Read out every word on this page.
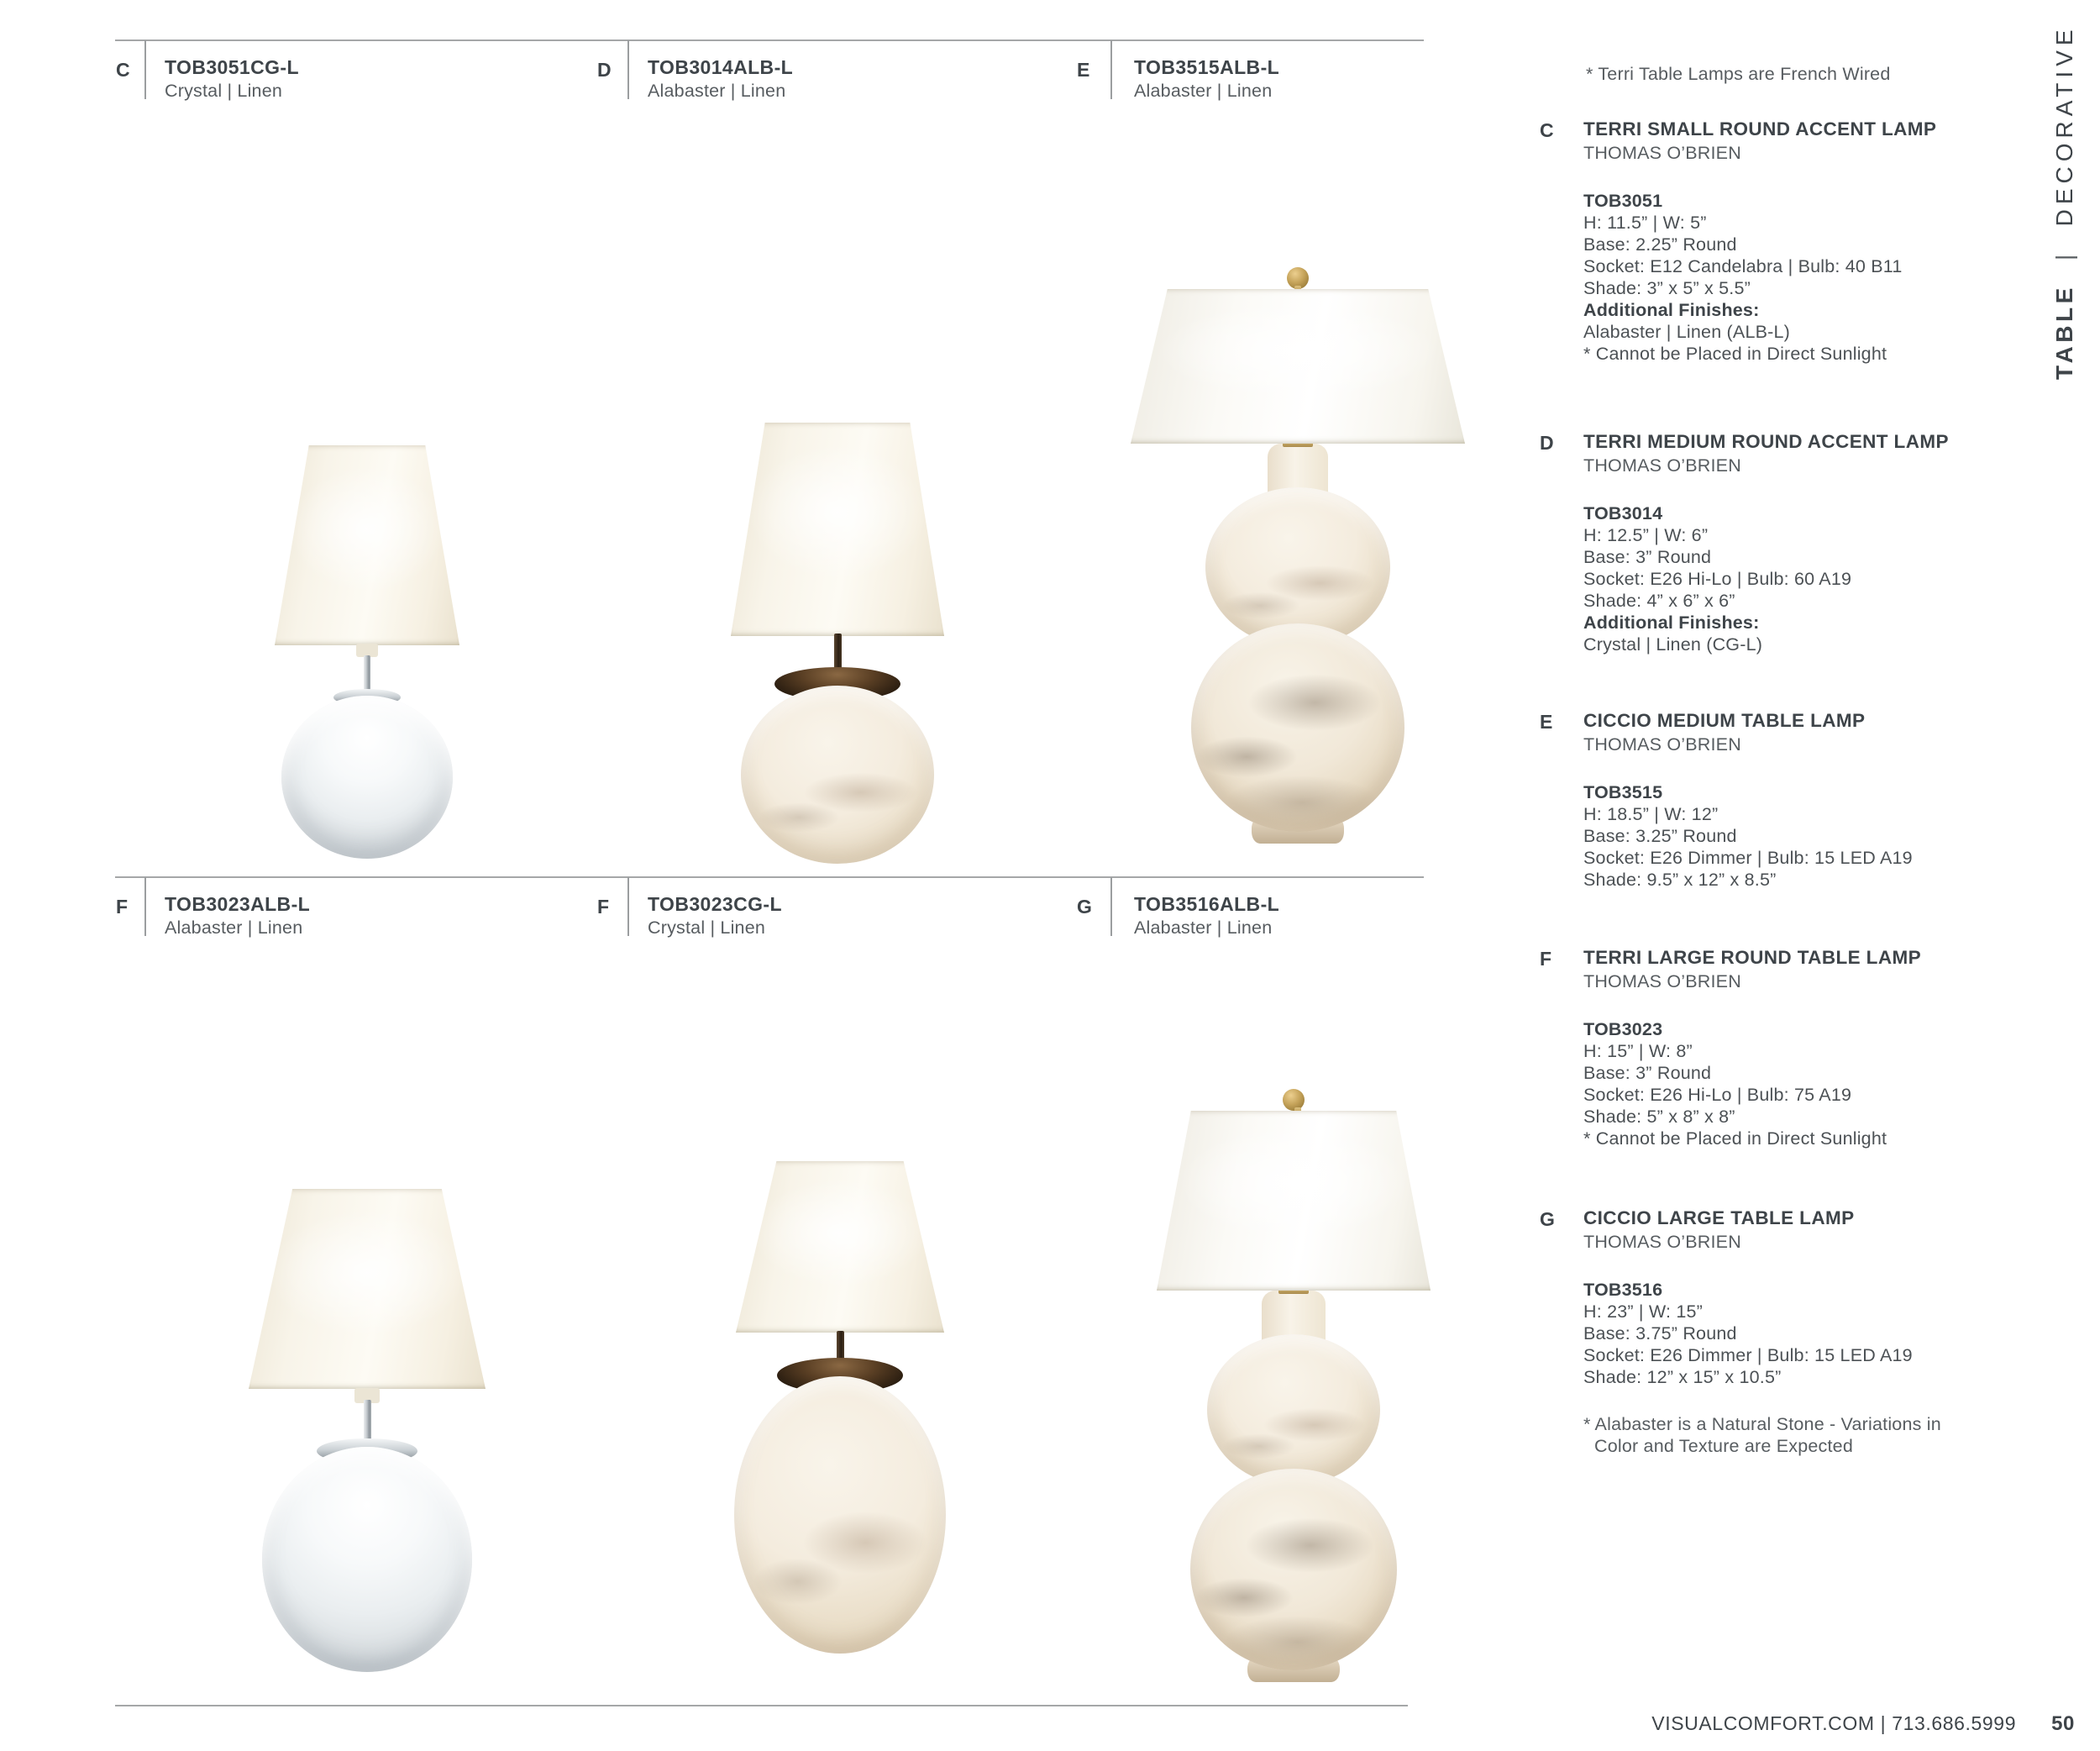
C TOB3051CG-L
Crystal | Linen
D TOB3014ALB-L
Alabaster | Linen
E TOB3515ALB-L
Alabaster | Linen
F TOB3023ALB-L
Alabaster | Linen
F TOB3023CG-L
Crystal | Linen
G TOB3516ALB-L
Alabaster | Linen
* Terri Table Lamps are French Wired
C TERRI SMALL ROUND ACCENT LAMP
THOMAS O’BRIEN
TOB3051
H: 11.5” | W: 5”
Base: 2.25” Round
Socket: E12 Candelabra | Bulb: 40 B11
Shade: 3” x 5” x 5.5”
Additional Finishes:
Alabaster | Linen (ALB-L)
* Cannot be Placed in Direct Sunlight
D TERRI MEDIUM ROUND ACCENT LAMP
THOMAS O’BRIEN
TOB3014
H: 12.5” | W: 6”
Base: 3” Round
Socket: E26 Hi-Lo | Bulb: 60 A19
Shade: 4” x 6” x 6”
Additional Finishes:
Crystal | Linen (CG-L)
E CICCIO MEDIUM TABLE LAMP
THOMAS O’BRIEN
TOB3515
H: 18.5” | W: 12”
Base: 3.25” Round
Socket: E26 Dimmer | Bulb: 15 LED A19
Shade: 9.5” x 12” x 8.5”
F TERRI LARGE ROUND TABLE LAMP
THOMAS O’BRIEN
TOB3023
H: 15” | W: 8”
Base: 3” Round
Socket: E26 Hi-Lo | Bulb: 75 A19
Shade: 5” x 8” x 8”
* Cannot be Placed in Direct Sunlight
G CICCIO LARGE TABLE LAMP
THOMAS O’BRIEN
TOB3516
H: 23” | W: 15”
Base: 3.75” Round
Socket: E26 Dimmer | Bulb: 15 LED A19
Shade: 12” x 15” x 10.5”
* Alabaster is a Natural Stone - Variations in
Color and Texture are Expected
TABLE | DECORATIVE
VISUALCOMFORT.COM | 713.686.5999 50
